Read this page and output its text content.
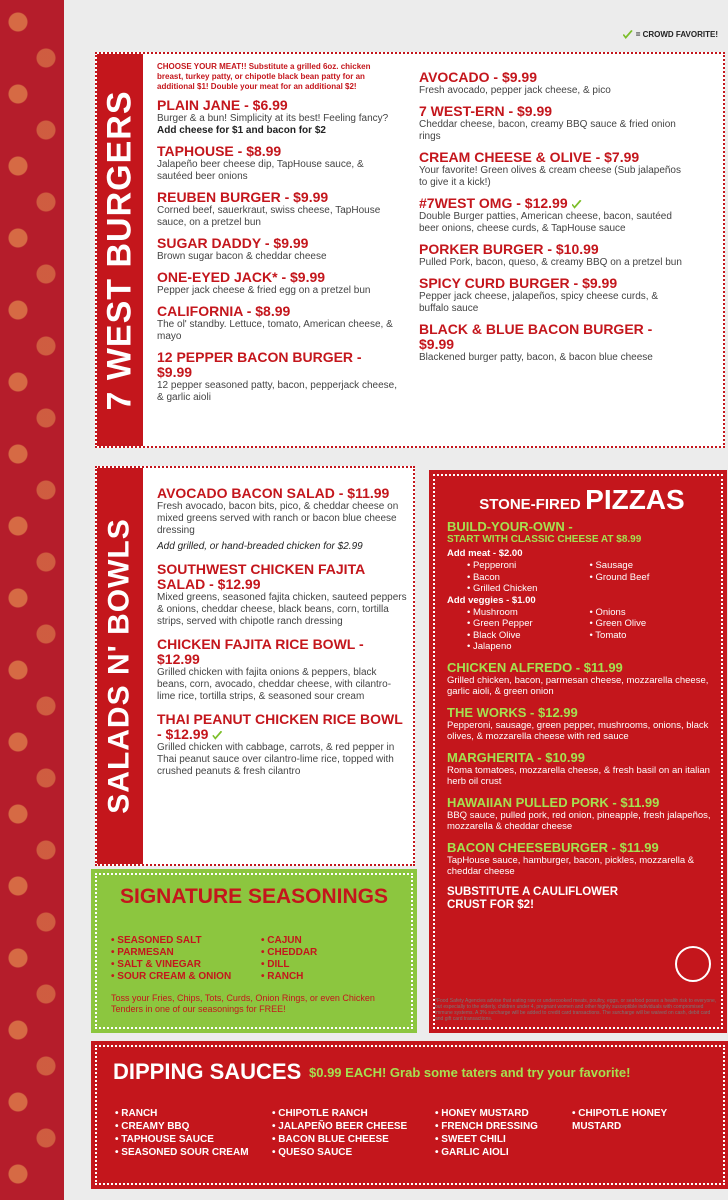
= CROWD FAVORITE!
7 WEST BURGERS
CHOOSE YOUR MEAT!! Substitute a grilled 6oz. chicken breast, turkey patty, or chipotle black bean patty for an additional $1! Double your meat for an additional $2!
PLAIN JANE - $6.99
Burger & a bun! Simplicity at its best! Feeling fancy? Add cheese for $1 and bacon for $2
TAPHOUSE - $8.99
Jalapeño beer cheese dip, TapHouse sauce, & sautéed beer onions
REUBEN BURGER - $9.99
Corned beef, sauerkraut, swiss cheese, TapHouse sauce, on a pretzel bun
SUGAR DADDY - $9.99
Brown sugar bacon & cheddar cheese
ONE-EYED JACK* - $9.99
Pepper jack cheese & fried egg on a pretzel bun
CALIFORNIA - $8.99
The ol' standby. Lettuce, tomato, American cheese, & mayo
12 PEPPER BACON BURGER - $9.99
12 pepper seasoned patty, bacon, pepperjack cheese, & garlic aioli
AVOCADO - $9.99
Fresh avocado, pepper jack cheese, & pico
7 WEST-ERN - $9.99
Cheddar cheese, bacon, creamy BBQ sauce & fried onion rings
CREAM CHEESE & OLIVE - $7.99
Your favorite! Green olives & cream cheese (Sub jalapeños to give it a kick!)
#7WEST OMG - $12.99
Double Burger patties, American cheese, bacon, sautéed beer onions, cheese curds, & TapHouse sauce
PORKER BURGER - $10.99
Pulled Pork, bacon, queso, & creamy BBQ on a pretzel bun
SPICY CURD BURGER - $9.99
Pepper jack cheese, jalapeños, spicy cheese curds, & buffalo sauce
BLACK & BLUE BACON BURGER - $9.99
Blackened burger patty, bacon, & bacon blue cheese
SALADS N' BOWLS
AVOCADO BACON SALAD - $11.99
Fresh avocado, bacon bits, pico, & cheddar cheese on mixed greens served with ranch or bacon blue cheese dressing
Add grilled, or hand-breaded chicken for $2.99
SOUTHWEST CHICKEN FAJITA SALAD - $12.99
Mixed greens, seasoned fajita chicken, sauteed peppers & onions, cheddar cheese, black beans, corn, tortilla strips, served with chipotle ranch dressing
CHICKEN FAJITA RICE BOWL - $12.99
Grilled chicken with fajita onions & peppers, black beans, corn, avocado, cheddar cheese, with cilantro-lime rice, tortilla strips, & seasoned sour cream
THAI PEANUT CHICKEN RICE BOWL - $12.99
Grilled chicken with cabbage, carrots, & red pepper in Thai peanut sauce over cilantro-lime rice, topped with crushed peanuts & fresh cilantro
STONE-FIRED PIZZAS
BUILD-YOUR-OWN -
START WITH CLASSIC CHEESE AT $8.99
Add meat - $2.00
• Pepperoni	• Sausage
• Bacon	• Ground Beef
• Grilled Chicken
Add veggies - $1.00
• Mushroom	• Onions
• Green Pepper	• Green Olive
• Black Olive	• Tomato
• Jalapeno
CHICKEN ALFREDO - $11.99
Grilled chicken, bacon, parmesan cheese, mozzarella cheese, garlic aioli, & green onion
THE WORKS - $12.99
Pepperoni, sausage, green pepper, mushrooms, onions, black olives, & mozzarella cheese with red sauce
MARGHERITA - $10.99
Roma tomatoes, mozzarella cheese, & fresh basil on an italian herb oil crust
HAWAIIAN PULLED PORK - $11.99
BBQ sauce, pulled pork, red onion, pineapple, fresh jalapeños, mozzarella & cheddar cheese
BACON CHEESEBURGER - $11.99
TapHouse sauce, hamburger, bacon, pickles, mozzarella & cheddar cheese
SUBSTITUTE A CAULIFLOWER CRUST FOR $2!
*Food Safety Agencies advise that eating raw or undercooked meats, poultry, eggs, or seafood poses a health risk to everyone, but especially to the elderly, children under 4, pregnant women and other highly susceptible individuals with compromised immune systems. A 3% surcharge will be added to credit card transactions. The surcharge will be waived on cash, debit card and gift card transactions.
SIGNATURE SEASONINGS
• SEASONED SALT
• PARMESAN
• SALT & VINEGAR
• SOUR CREAM & ONION
• CAJUN
• CHEDDAR
• DILL
• RANCH
Toss your Fries, Chips, Tots, Curds, Onion Rings, or even Chicken Tenders in one of our seasonings for FREE!
DIPPING SAUCES $0.99 EACH! Grab some taters and try your favorite!
• RANCH
• CREAMY BBQ
• TAPHOUSE SAUCE
• SEASONED SOUR CREAM
• CHIPOTLE RANCH
• JALAPEÑO BEER CHEESE
• BACON BLUE CHEESE
• QUESO SAUCE
• HONEY MUSTARD
• FRENCH DRESSING
• SWEET CHILI
• GARLIC AIOLI
• CHIPOTLE HONEY MUSTARD
